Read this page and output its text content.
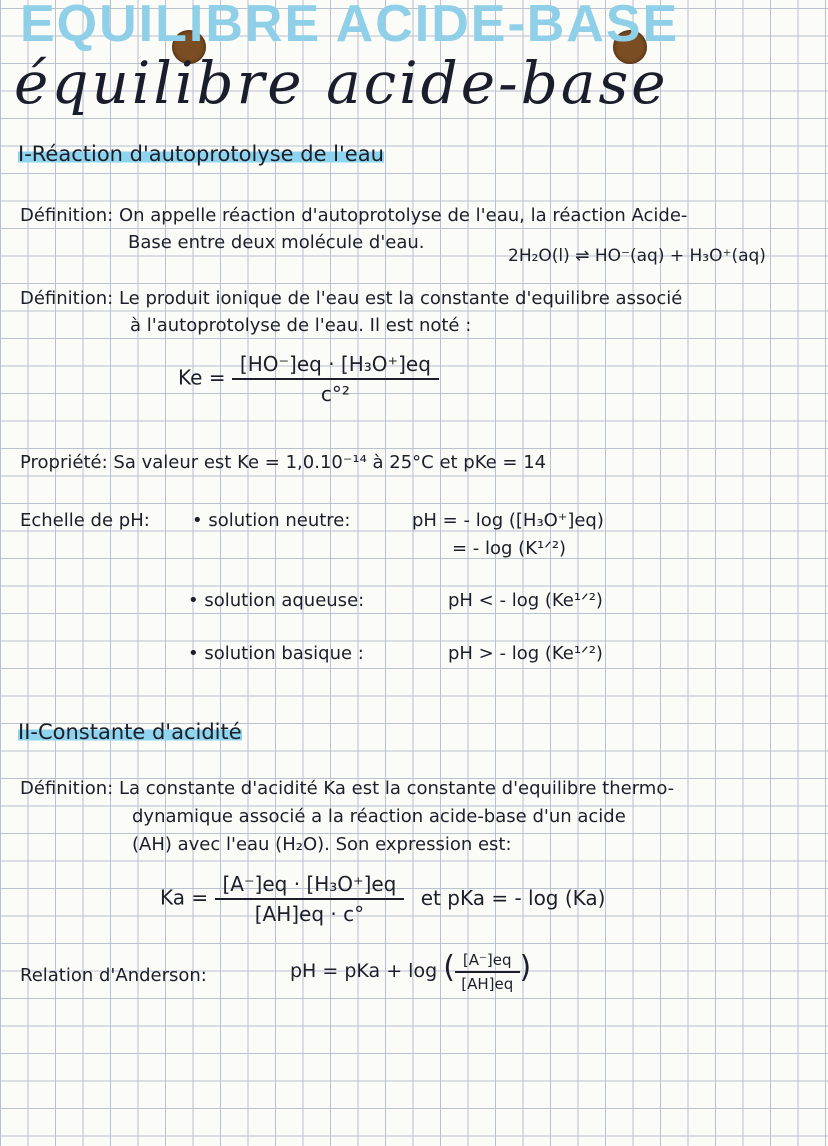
EQUILIBRE ACIDE-BASE
équilibre acide-base
I-Réaction d'autoprotolyse de l'eau
Définition: On appelle réaction d'autoprotolyse de l'eau, la réaction Acide-
Base entre deux molécule d'eau.
2H₂O(l) ⇌ HO⁻(aq) + H₃O⁺(aq)
Définition: Le produit ionique de l'eau est la constante d'equilibre associé
à l'autoprotolyse de l'eau. Il est noté :
$Ke = \frac{\text{[HO⁻]eq · [H₃O⁺]eq}}{\text{c°²}}$
Propriété: Sa valeur est Ke = 1,0.10⁻¹⁴ à 25°C et pKe = 14
Echelle de pH: • solution neutre:	pH = - log ([H₃O⁺]eq)
= - log (K¹ᐟ²)
• solution aqueuse:	pH < - log (Ke¹ᐟ²)
• solution basique :	pH > - log (Ke¹ᐟ²)
II-Constante d'acidité
Définition: La constante d'acidité Ka est la constante d'equilibre thermo-
dynamique associé a la réaction acide-base d'un acide
(AH) avec l'eau (H₂O). Son expression est:
$Ka = \frac{\text{[A⁻]eq · [H₃O⁺]eq}}{[AH]eq \cdot c^\circ}$ et pKa = - log (Ka)
Relation d'Anderson:	pH = pKa + log ( $\frac{[A^-]eq}{[AH]eq}$ )
